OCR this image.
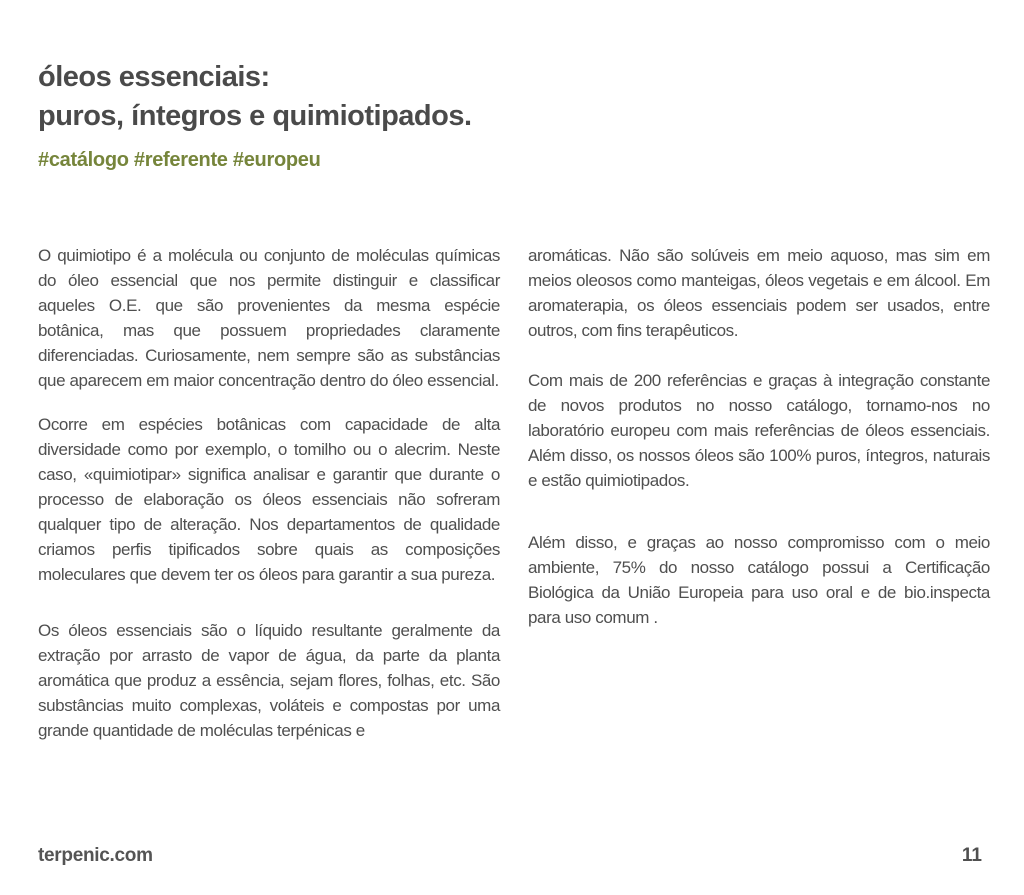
óleos essenciais:
puros, íntegros e quimiotipados.
#catálogo #referente #europeu

O quimiotipo é a molécula ou conjunto de moléculas químicas do óleo essencial que nos permite distinguir e classificar aqueles O.E. que são provenientes da mesma espécie botânica, mas que possuem propriedades claramente diferenciadas. Curiosamente, nem sempre são as substâncias que aparecem em maior concentração dentro do óleo essencial.

Ocorre em espécies botânicas com capacidade de alta diversidade como por exemplo, o tomilho ou o alecrim. Neste caso, «quimiotipar» significa analisar e garantir que durante o processo de elaboração os óleos essenciais não sofreram qualquer tipo de alteração. Nos departamentos de qualidade criamos perfis tipificados sobre quais as composições moleculares que devem ter os óleos para garantir a sua pureza.

Os óleos essenciais são o líquido resultante geralmente da extração por arrasto de vapor de água, da parte da planta aromática que produz a essência, sejam flores, folhas, etc. São substâncias muito complexas, voláteis e compostas por uma grande quantidade de moléculas terpénicas e

aromáticas. Não são solúveis em meio aquoso, mas sim em meios oleosos como manteigas, óleos vegetais e em álcool. Em aromaterapia, os óleos essenciais podem ser usados, entre outros, com fins terapêuticos.

Com mais de 200 referências e graças à integração constante de novos produtos no nosso catálogo, tornamo-nos no laboratório europeu com mais referências de óleos essenciais. Além disso, os nossos óleos são 100% puros, íntegros, naturais e estão quimiotipados.

Além disso, e graças ao nosso compromisso com o meio ambiente, 75% do nosso catálogo possui a Certificação Biológica da União Europeia para uso oral e de bio.inspecta para uso comum .

terpenic.com	11
